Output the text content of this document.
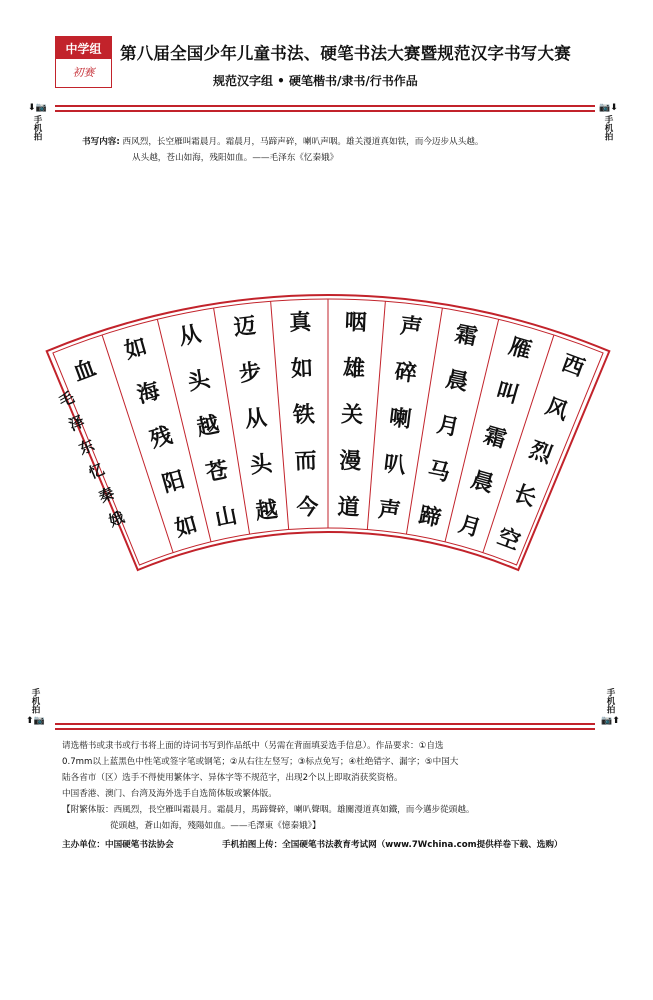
中学组
初赛
第八届全国少年儿童书法、硬笔书法大赛暨规范汉字书写大赛
规范汉字组 • 硬笔楷书/隶书/行书作品
⬇📷
手机拍
📷⬇
手机拍
书写内容: 西风烈，长空雁叫霜晨月。霜晨月，马蹄声碎，喇叭声咽。雄关漫道真如铁，而今迈步从头越。
从头越，苍山如海，残阳如血。——毛泽东《忆秦娥》
西
风
烈
长
空
雁
叫
霜
晨
月
霜
晨
月
马
蹄
声
碎
喇
叭
声
咽
雄
关
漫
道
真
如
铁
而
今
迈
步
从
头
越
从
头
越
苍
山
如
海
残
阳
如
血
毛
泽
东
忆
秦
娥
手机拍
⬆📷
手机拍
📷⬆
请选楷书或隶书或行书将上面的诗词书写到作品纸中（另需在背面填妥选手信息）。作品要求：①自选
0.7mm以上蓝黑色中性笔或签字笔或钢笔；②从右往左竖写；③标点免写；④杜绝错字、漏字；⑤中国大
陆各省市（区）选手不得使用繁体字、异体字等不规范字，出现2个以上即取消获奖资格。
中国香港、澳门、台湾及海外选手自选简体版或繁体版。
【附繁体版：西風烈，長空雁叫霜晨月。霜晨月，馬蹄聲碎，喇叭聲咽。雄關漫道真如鐵，而今邁步從頭越。
從頭越，蒼山如海，殘陽如血。——毛澤東《憶秦娥》】
主办单位：中国硬笔书法协会	手机拍图上传：全国硬笔书法教育考试网（www.7Wchina.com提供样卷下载、选购）
